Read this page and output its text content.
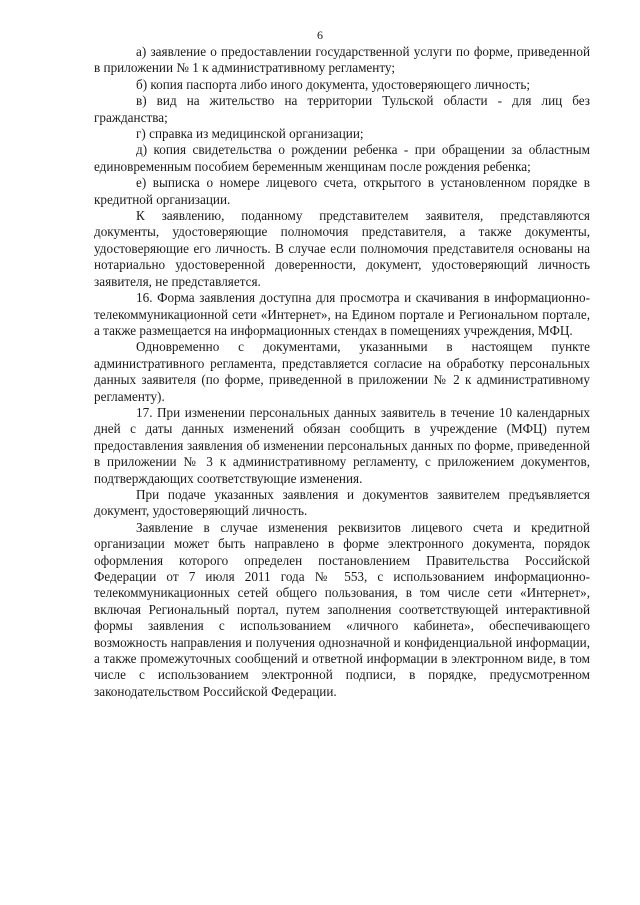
6

а) заявление о предоставлении государственной услуги по форме, приведенной в приложении № 1 к административному регламенту;

б) копия паспорта либо иного документа, удостоверяющего личность;

в) вид на жительство на территории Тульской области - для лиц без гражданства;

г) справка из медицинской организации;

д) копия свидетельства о рождении ребенка - при обращении за областным единовременным пособием беременным женщинам после рождения ребенка;

е) выписка о номере лицевого счета, открытого в установленном порядке в кредитной организации.

К заявлению, поданному представителем заявителя, представляются документы, удостоверяющие полномочия представителя, а также документы, удостоверяющие его личность. В случае если полномочия представителя основаны на нотариально удостоверенной доверенности, документ, удостоверяющий личность заявителя, не представляется.

16. Форма заявления доступна для просмотра и скачивания в информационно-телекоммуникационной сети «Интернет», на Едином портале и Региональном портале, а также размещается на информационных стендах в помещениях учреждения, МФЦ.

Одновременно с документами, указанными в настоящем пункте административного регламента, представляется согласие на обработку персональных данных заявителя (по форме, приведенной в приложении № 2 к административному регламенту).

17. При изменении персональных данных заявитель в течение 10 календарных дней с даты данных изменений обязан сообщить в учреждение (МФЦ) путем предоставления заявления об изменении персональных данных по форме, приведенной в приложении № 3 к административному регламенту, с приложением документов, подтверждающих соответствующие изменения.

При подаче указанных заявления и документов заявителем предъявляется документ, удостоверяющий личность.

Заявление в случае изменения реквизитов лицевого счета и кредитной организации может быть направлено в форме электронного документа, порядок оформления которого определен постановлением Правительства Российской Федерации от 7 июля 2011 года № 553, с использованием информационно-телекоммуникационных сетей общего пользования, в том числе сети «Интернет», включая Региональный портал, путем заполнения соответствующей интерактивной формы заявления с использованием «личного кабинета», обеспечивающего возможность направления и получения однозначной и конфиденциальной информации, а также промежуточных сообщений и ответной информации в электронном виде, в том числе с использованием электронной подписи, в порядке, предусмотренном законодательством Российской Федерации.
